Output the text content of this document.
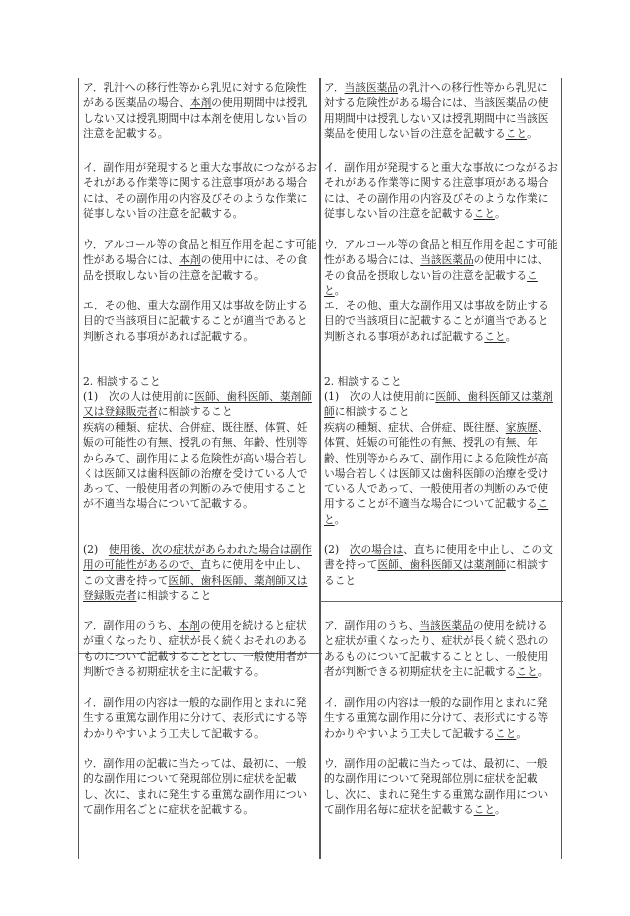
ア．乳汁への移行性等から乳児に対する危険性がある医薬品の場合、本剤の使用期間中は授乳しない又は授乳期間中は本剤を使用しない旨の注意を記載する。

イ．副作用が発現すると重大な事故につながるおそれがある作業等に関する注意事項がある場合には、その副作用の内容及びそのような作業に従事しない旨の注意を記載する。

ウ．アルコール等の食品と相互作用を起こす可能性がある場合には、本剤の使用中には、その食品を摂取しない旨の注意を記載する。

エ．その他、重大な副作用又は事故を防止する目的で当該項目に記載することが適当であると判断される事項があれば記載する。

2. 相談すること

(1)　次の人は使用前に医師、歯科医師、薬剤師又は登録販売者に相談すること

疾病の種類、症状、合併症、既往歴、体質、妊娠の可能性の有無、授乳の有無、年齢、性別等からみて、副作用による危険性が高い場合若しくは医師又は歯科医師の治療を受けている人であって、一般使用者の判断のみで使用することが不適当な場合について記載する。

(2)　使用後、次の症状があらわれた場合は副作用の可能性があるので、直ちに使用を中止し、この文書を持って医師、歯科医師、薬剤師又は登録販売者に相談すること

ア．副作用のうち、本剤の使用を続けると症状が重くなったり、症状が長く続くおそれのあるものについて記載することとし、一般使用者が判断できる初期症状を主に記載する。

イ．副作用の内容は一般的な副作用とまれに発生する重篤な副作用に分けて、表形式にする等わかりやすいよう工夫して記載する。

ウ．副作用の記載に当たっては、最初に、一般的な副作用について発現部位別に症状を記載し、次に、まれに発生する重篤な副作用について副作用名ごとに症状を記載する。

ア．当該医薬品の乳汁への移行性等から乳児に対する危険性がある場合には、当該医薬品の使用期間中は授乳しない又は授乳期間中に当該医薬品を使用しない旨の注意を記載すること。

イ．副作用が発現すると重大な事故につながるおそれがある作業等に関する注意事項がある場合には、その副作用の内容及びそのような作業に従事しない旨の注意を記載すること。

ウ．アルコール等の食品と相互作用を起こす可能性がある場合には、当該医薬品の使用中には、その食品を摂取しない旨の注意を記載すること。

エ．その他、重大な副作用又は事故を防止する目的で当該項目に記載することが適当であると判断される事項があれば記載すること。

2. 相談すること

(1)　次の人は使用前に医師、歯科医師又は薬剤師に相談すること

疾病の種類、症状、合併症、既往歴、家族歴、体質、妊娠の可能性の有無、授乳の有無、年齢、性別等からみて、副作用による危険性が高い場合若しくは医師又は歯科医師の治療を受けている人であって、一般使用者の判断のみで使用することが不適当な場合について記載すること。

(2)　次の場合は、直ちに使用を中止し、この文書を持って医師、歯科医師又は薬剤師に相談すること

ア．副作用のうち、当該医薬品の使用を続けると症状が重くなったり、症状が長く続く恐れのあるものについて記載することとし、一般使用者が判断できる初期症状を主に記載すること。

イ．副作用の内容は一般的な副作用とまれに発生する重篤な副作用に分けて、表形式にする等わかりやすいよう工夫して記載すること。

ウ．副作用の記載に当たっては、最初に、一般的な副作用について発現部位別に症状を記載し、次に、まれに発生する重篤な副作用について副作用名毎に症状を記載すること。
